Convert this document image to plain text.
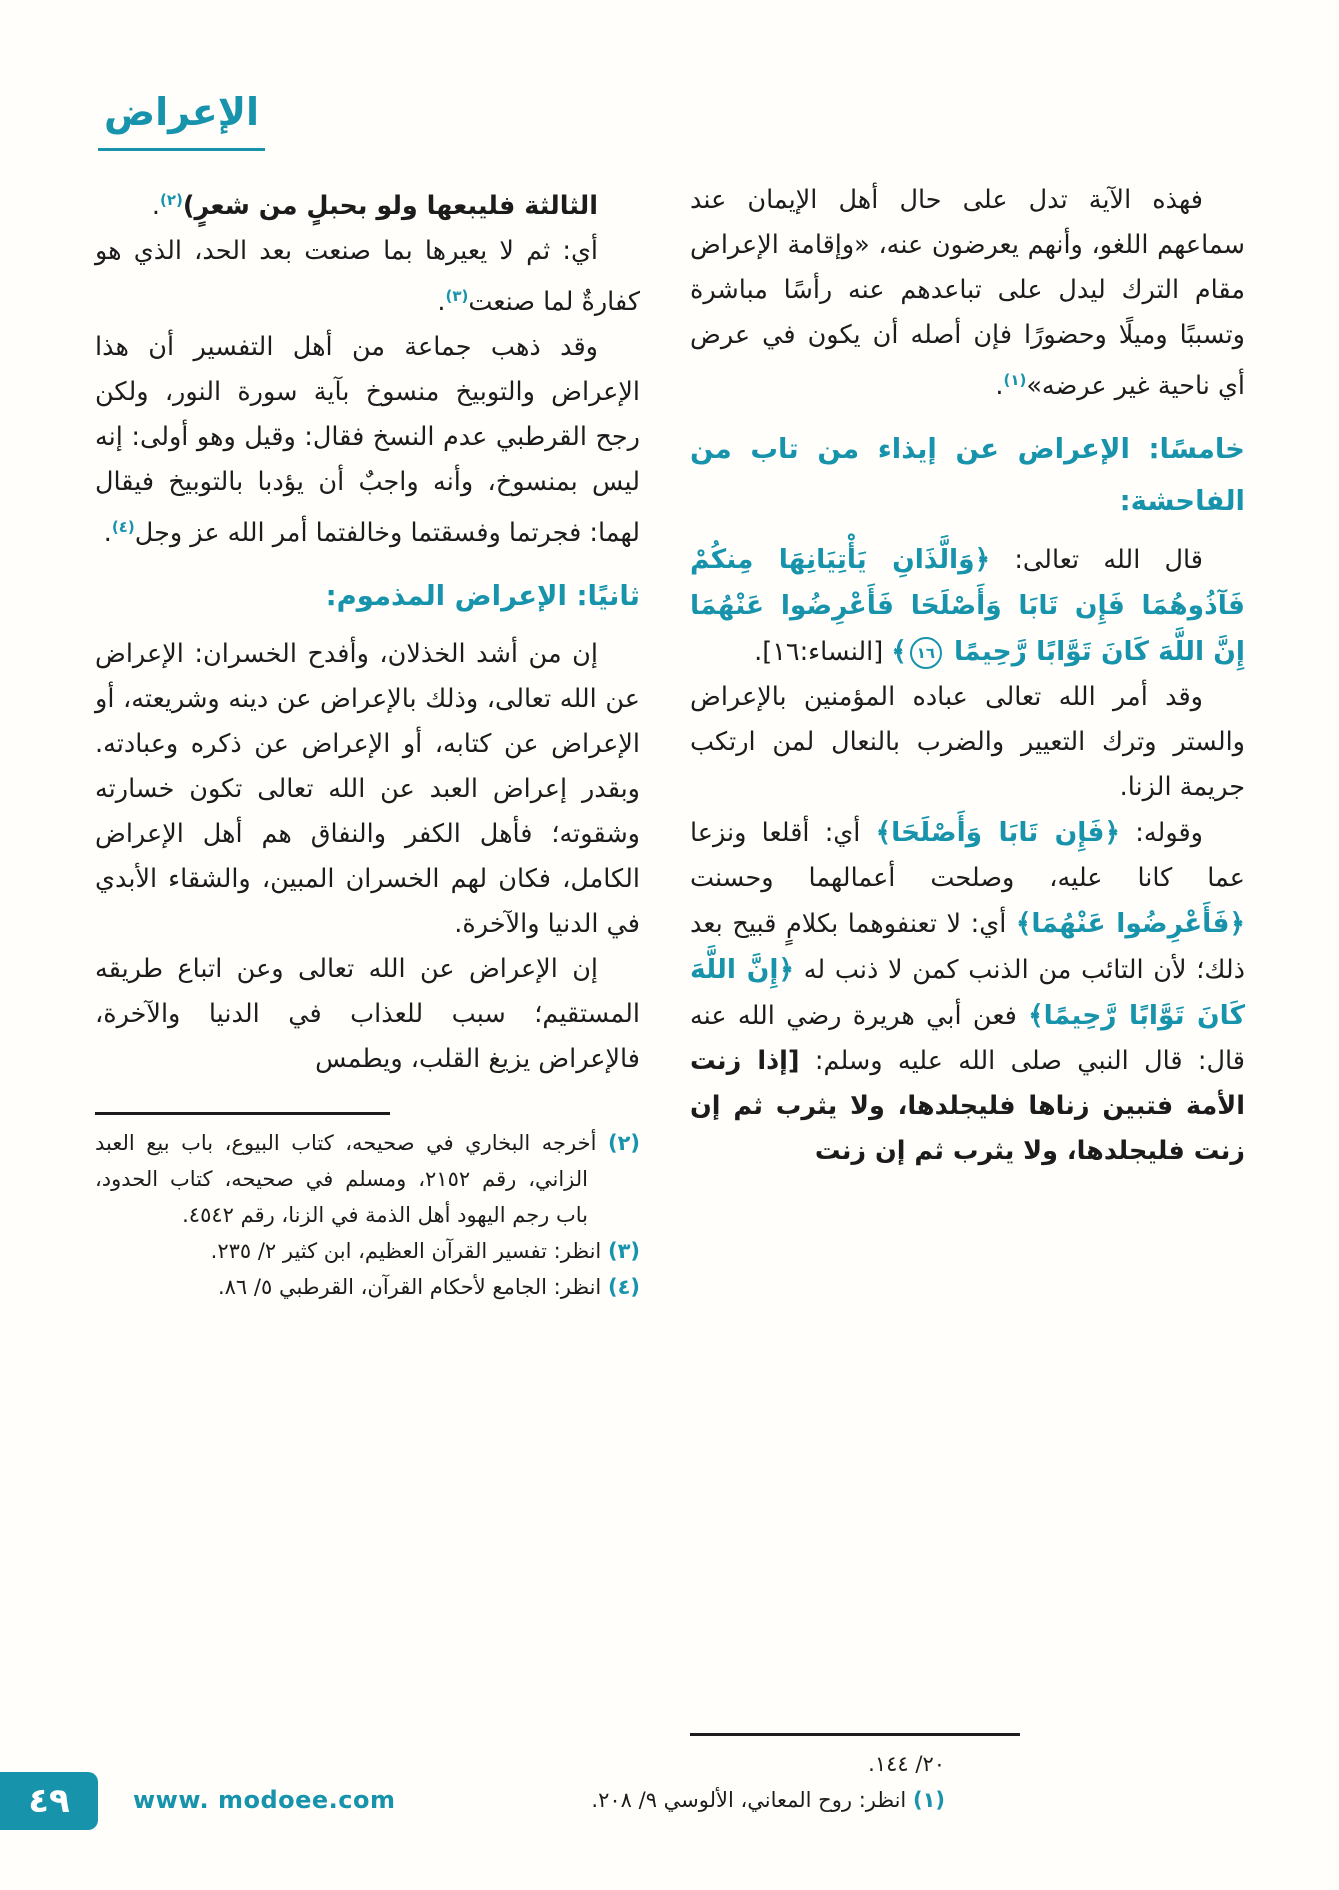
الإعراض
فهذه الآية تدل على حال أهل الإيمان عند سماعهم اللغو، وأنهم يعرضون عنه، «وإقامة الإعراض مقام الترك ليدل على تباعدهم عنه رأسًا مباشرة وتسببًا وميلًا وحضورًا فإن أصله أن يكون في عرض أي ناحية غير عرضه»$^{(١)}$.
خامسًا: الإعراض عن إيذاء من تاب من الفاحشة:
قال الله تعالى: ﴿وَالَّذَانِ يَأْتِيَانِهَا مِنكُمْ فَآذُوهُمَا فَإِن تَابَا وَأَصْلَحَا فَأَعْرِضُوا عَنْهُمَا إِنَّ اللَّهَ كَانَ تَوَّابًا رَّحِيمًا ١٦﴾ [النساء:١٦].
وقد أمر الله تعالى عباده المؤمنين بالإعراض والستر وترك التعيير والضرب بالنعال لمن ارتكب جريمة الزنا.
وقوله: ﴿فَإِن تَابَا وَأَصْلَحَا﴾ أي: أقلعا ونزعا عما كانا عليه، وصلحت أعمالهما وحسنت ﴿فَأَعْرِضُوا عَنْهُمَا﴾ أي: لا تعنفوهما بكلامٍ قبيح بعد ذلك؛ لأن التائب من الذنب كمن لا ذنب له ﴿إِنَّ اللَّهَ كَانَ تَوَّابًا رَّحِيمًا﴾ فعن أبي هريرة رضي الله عنه قال: قال النبي صلى الله عليه وسلم: [إذا زنت الأمة فتبين زناها فليجلدها، ولا يثرب ثم إن زنت فليجلدها، ولا يثرب ثم إن زنت
٢٠/ ١٤٤.
(١) انظر: روح المعاني، الألوسي ٩/ ٢٠٨.
الثالثة فليبعها ولو بحبلٍ من شعرٍ)$^{(٢)}$.
أي: ثم لا يعيرها بما صنعت بعد الحد، الذي هو كفارةٌ لما صنعت$^{(٣)}$.
وقد ذهب جماعة من أهل التفسير أن هذا الإعراض والتوبيخ منسوخ بآية سورة النور، ولكن رجح القرطبي عدم النسخ فقال: وقيل وهو أولى: إنه ليس بمنسوخ، وأنه واجبٌ أن يؤدبا بالتوبيخ فيقال لهما: فجرتما وفسقتما وخالفتما أمر الله عز وجل$^{(٤)}$.
ثانيًا: الإعراض المذموم:
إن من أشد الخذلان، وأفدح الخسران: الإعراض عن الله تعالى، وذلك بالإعراض عن دينه وشريعته، أو الإعراض عن كتابه، أو الإعراض عن ذكره وعبادته. وبقدر إعراض العبد عن الله تعالى تكون خسارته وشقوته؛ فأهل الكفر والنفاق هم أهل الإعراض الكامل، فكان لهم الخسران المبين، والشقاء الأبدي في الدنيا والآخرة.
إن الإعراض عن الله تعالى وعن اتباع طريقه المستقيم؛ سبب للعذاب في الدنيا والآخرة، فالإعراض يزيغ القلب، ويطمس
(٢) أخرجه البخاري في صحيحه، كتاب البيوع، باب بيع العبد الزاني، رقم ٢١٥٢، ومسلم في صحيحه، كتاب الحدود، باب رجم اليهود أهل الذمة في الزنا، رقم ٤٥٤٢.
(٣) انظر: تفسير القرآن العظيم، ابن كثير ٢/ ٢٣٥.
(٤) انظر: الجامع لأحكام القرآن، القرطبي ٥/ ٨٦.
٤٩	www. modoee.com
